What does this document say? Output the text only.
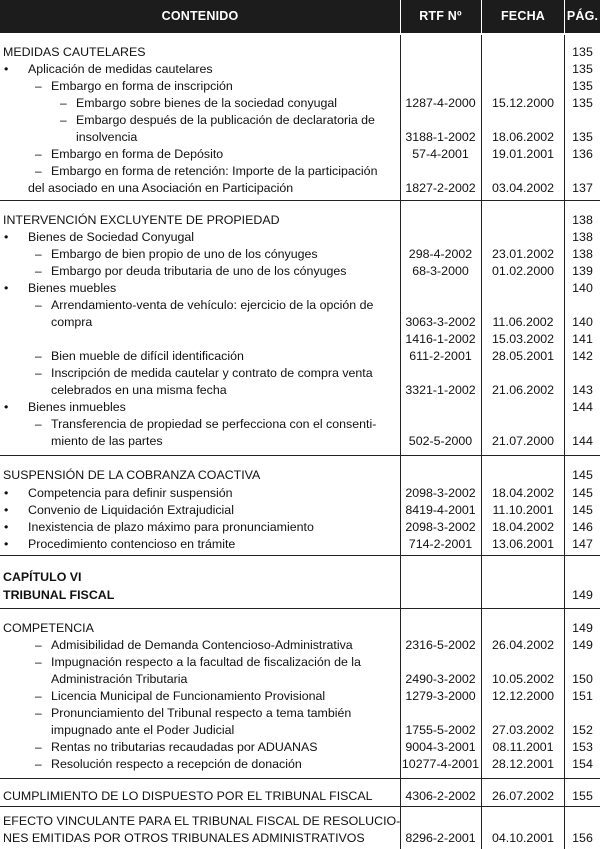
CONTENIDO	RTF Nº	FECHA	PÁG.
MEDIDAS CAUTELARES	135
• Aplicación de medidas cautelares	135
– Embargo en forma de inscripción	135
– Embargo sobre bienes de la sociedad conyugal	1287-4-2000	15.12.2000	135
– Embargo después de la publicación de declaratoria de
insolvencia	3188-1-2002	18.06.2002	135
– Embargo en forma de Depósito	57-4-2001	19.01.2001	136
– Embargo en forma de retención: Importe de la participación
del asociado en una Asociación en Participación	1827-2-2002	03.04.2002	137
INTERVENCIÓN EXCLUYENTE DE PROPIEDAD	138
• Bienes de Sociedad Conyugal	138
– Embargo de bien propio de uno de los cónyuges	298-4-2002	23.01.2002	138
– Embargo por deuda tributaria de uno de los cónyuges	68-3-2000	01.02.2000	139
• Bienes muebles	140
– Arrendamiento-venta de vehículo: ejercicio de la opción de
compra	3063-3-2002	11.06.2002	140
1416-1-2002	15.03.2002	141
– Bien mueble de difícil identificación	611-2-2001	28.05.2001	142
– Inscripción de medida cautelar y contrato de compra venta
celebrados en una misma fecha	3321-1-2002	21.06.2002	143
• Bienes inmuebles	144
– Transferencia de propiedad se perfecciona con el consenti-
miento de las partes	502-5-2000	21.07.2000	144
SUSPENSIÓN DE LA COBRANZA COACTIVA	145
• Competencia para definir suspensión	2098-3-2002	18.04.2002	145
• Convenio de Liquidación Extrajudicial	8419-4-2001	11.10.2001	145
• Inexistencia de plazo máximo para pronunciamiento	2098-3-2002	18.04.2002	146
• Procedimiento contencioso en trámite	714-2-2001	13.06.2001	147
CAPÍTULO VI
TRIBUNAL FISCAL	149
COMPETENCIA	149
– Admisibilidad de Demanda Contencioso-Administrativa	2316-5-2002	26.04.2002	149
– Impugnación respecto a la facultad de fiscalización de la
Administración Tributaria	2490-3-2002	10.05.2002	150
– Licencia Municipal de Funcionamiento Provisional	1279-3-2000	12.12.2000	151
– Pronunciamiento del Tribunal respecto a tema también
impugnado ante el Poder Judicial	1755-5-2002	27.03.2002	152
– Rentas no tributarias recaudadas por ADUANAS	9004-3-2001	08.11.2001	153
– Resolución respecto a recepción de donación	10277-4-2001	28.12.2001	154
CUMPLIMIENTO DE LO DISPUESTO POR EL TRIBUNAL FISCAL	4306-2-2002	26.07.2002	155
EFECTO VINCULANTE PARA EL TRIBUNAL FISCAL DE RESOLUCIO-
NES EMITIDAS POR OTROS TRIBUNALES ADMINISTRATIVOS	8296-2-2001	04.10.2001	156
